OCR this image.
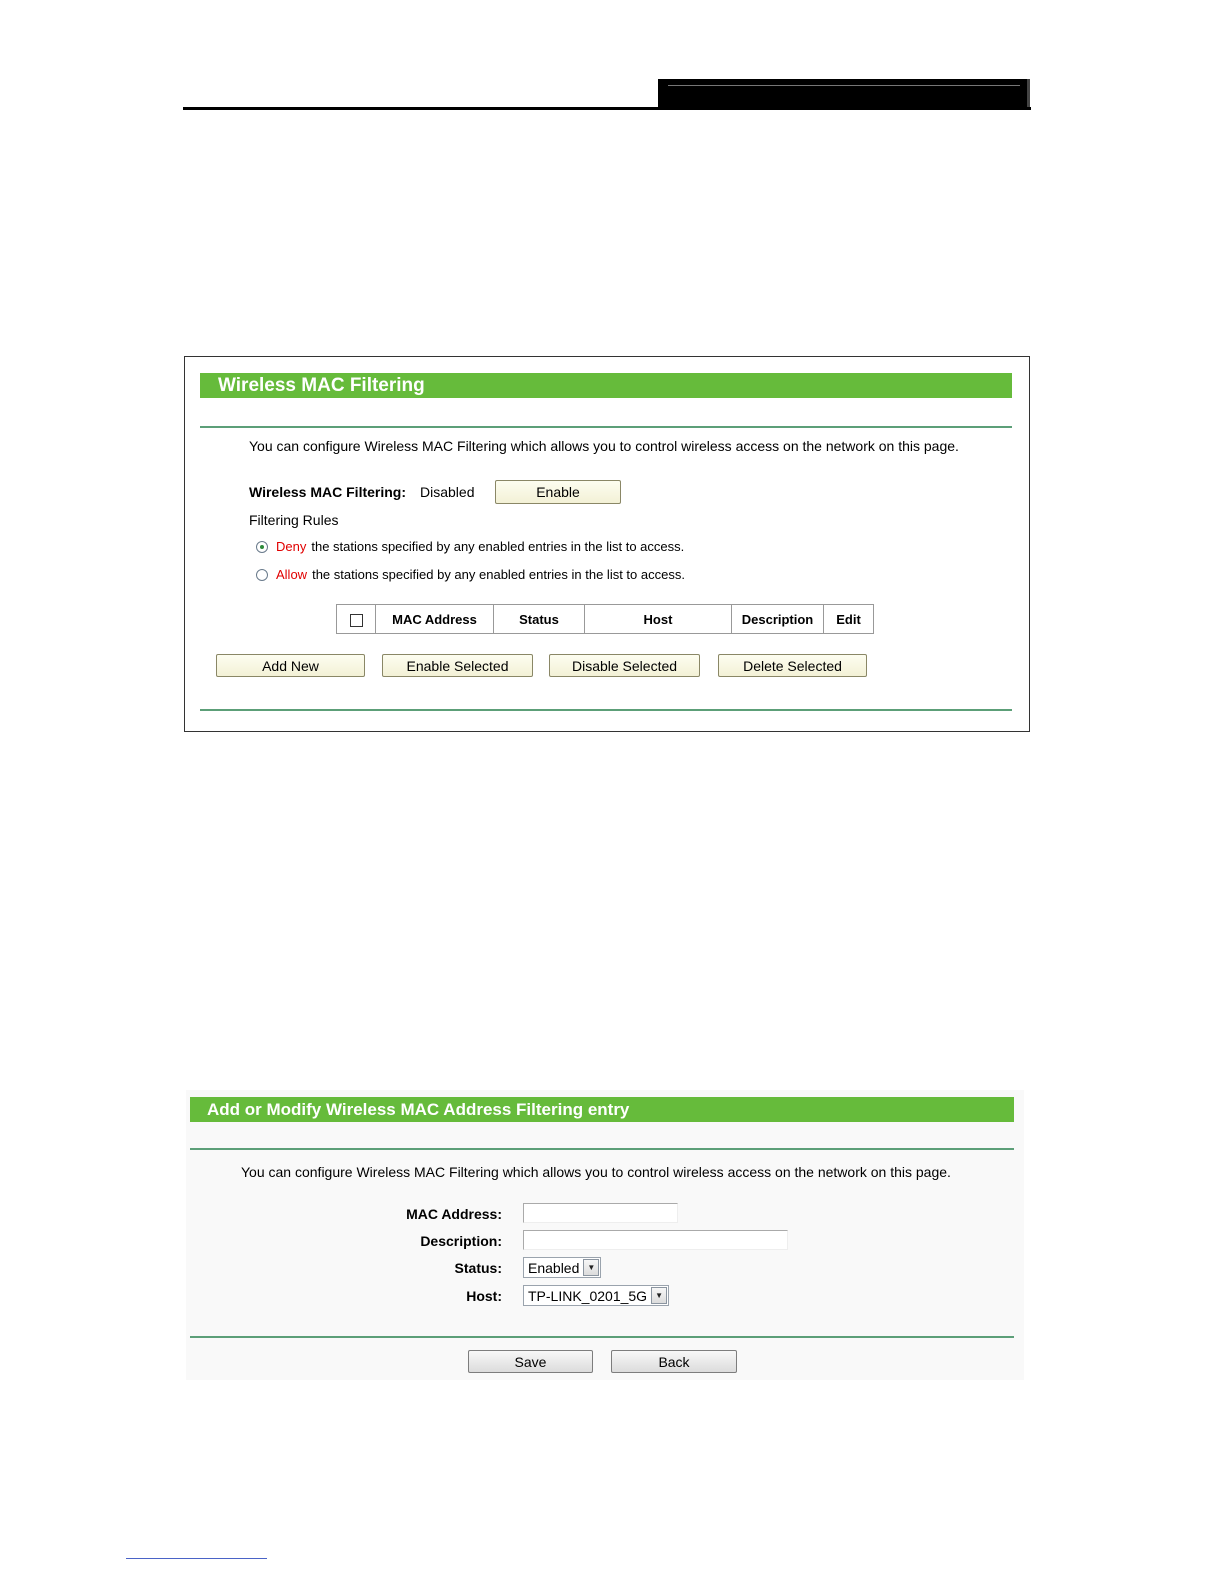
Wireless MAC Filtering
You can configure Wireless MAC Filtering which allows you to control wireless access on the network on this page.
Wireless MAC Filtering: Disabled	Enable
Filtering Rules
Deny the stations specified by any enabled entries in the list to access.
Allow the stations specified by any enabled entries in the list to access.
	MAC Address	Status	Host	Description	Edit
Add New	Enable Selected	Disable Selected	Delete Selected
Add or Modify Wireless MAC Address Filtering entry
You can configure Wireless MAC Filtering which allows you to control wireless access on the network on this page.
MAC Address:
Description:
Status: Enabled	▼
Host: TP-LINK_0201_5G	▼
Save	Back
